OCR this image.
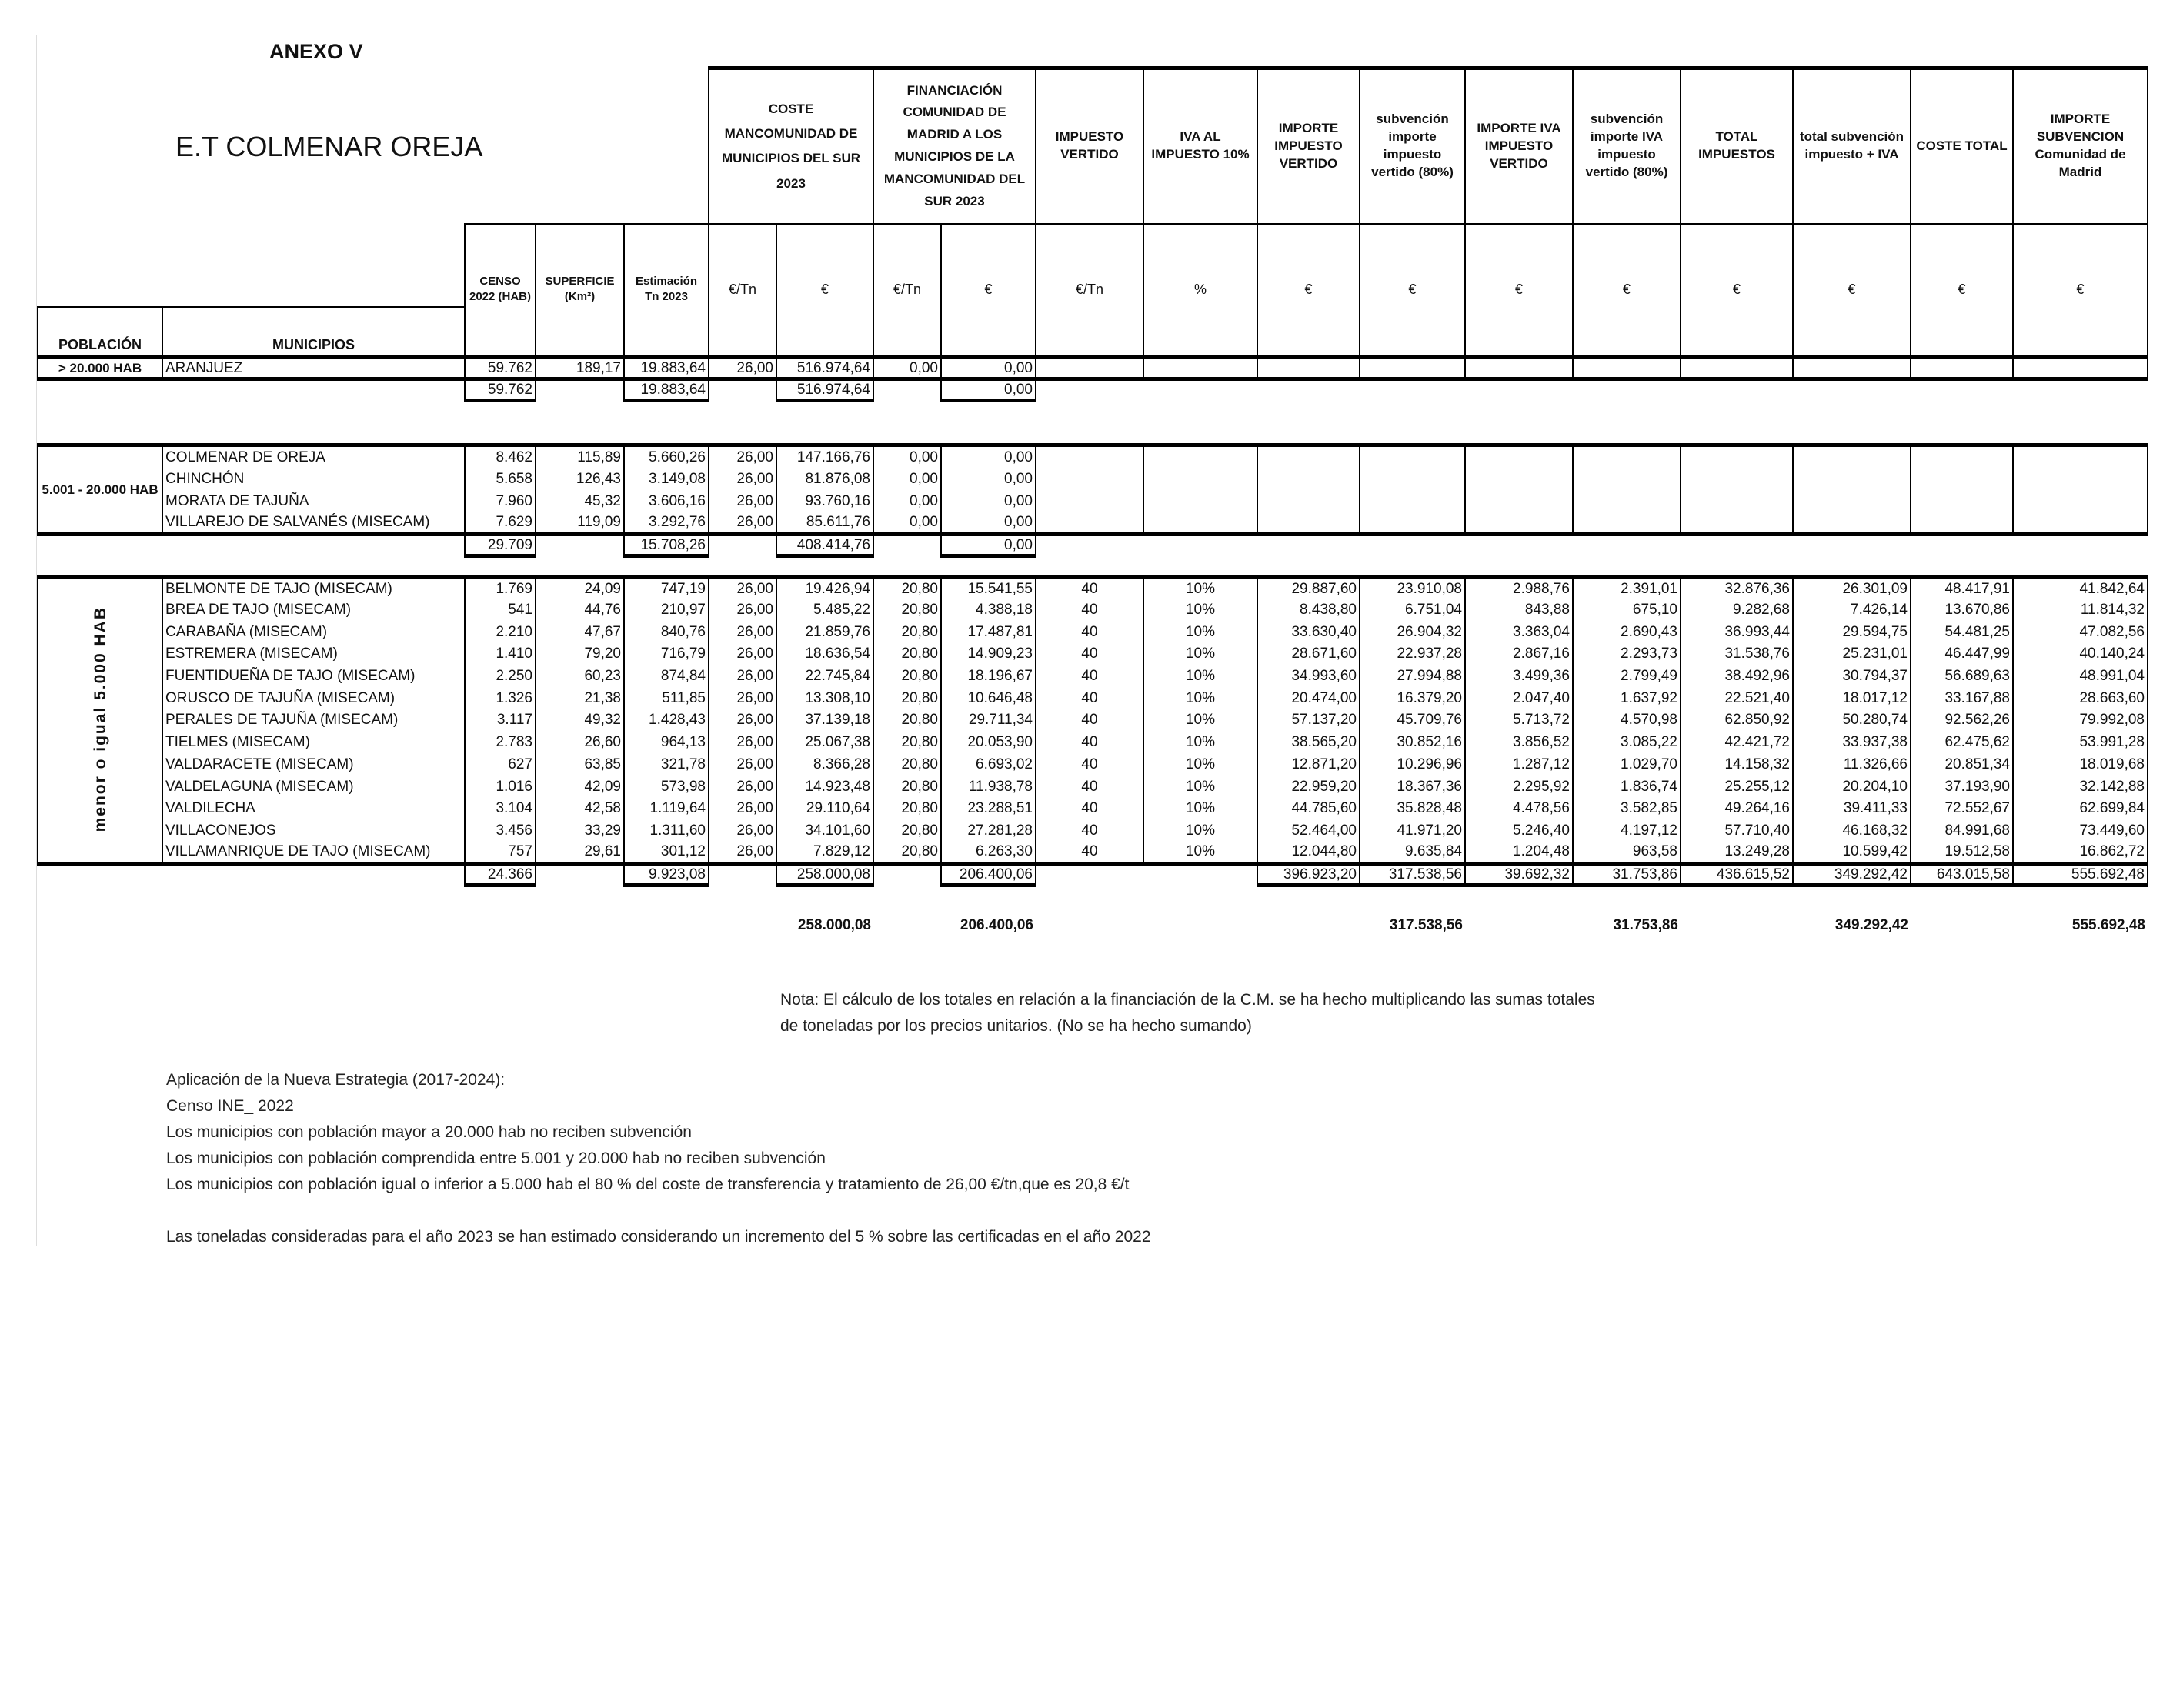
					COSTE MANCOMUNIDAD DE MUNICIPIOS DEL SUR 2023		FINANCIACIÓN COMUNIDAD DE MADRID A LOS MUNICIPIOS DE LA MANCOMUNIDAD DEL SUR 2023		IMPUESTO VERTIDO	IVA AL IMPUESTO 10%	IMPORTE IMPUESTO VERTIDO	subvención importe impuesto vertido (80%)	IMPORTE IVA IMPUESTO VERTIDO	subvención importe IVA impuesto vertido (80%)	TOTAL IMPUESTOS	total subvención impuesto + IVA	COSTE TOTAL	IMPORTE SUBVENCION Comunidad de Madrid
		CENSO 2022 (HAB)	SUPERFICIE (Km²)	Estimación Tn 2023	€/Tn	€	€/Tn	€	€/Tn	%	€	€	€	€	€	€	€	€
POBLACIÓN	MUNICIPIOS																	
> 20.000 HAB	ARANJUEZ	59.762	189,17	19.883,64	26,00	516.974,64	0,00	0,00										
		59.762		19.883,64		516.974,64		0,00										

5.001 - 20.000 HAB	COLMENAR DE OREJA	8.462	115,89	5.660,26	26,00	147.166,76	0,00	0,00										
	CHINCHÓN	5.658	126,43	3.149,08	26,00	81.876,08	0,00	0,00										
	MORATA DE TAJUÑA	7.960	45,32	3.606,16	26,00	93.760,16	0,00	0,00										
	VILLAREJO DE SALVANÉS (MISECAM)	7.629	119,09	3.292,76	26,00	85.611,76	0,00	0,00										
		29.709		15.708,26		408.414,76		0,00										

menor o igual 5.000 HAB	BELMONTE DE TAJO (MISECAM)	1.769	24,09	747,19	26,00	19.426,94	20,80	15.541,55	40	10%	29.887,60	23.910,08	2.988,76	2.391,01	32.876,36	26.301,09	48.417,91	41.842,64
	BREA DE TAJO (MISECAM)	541	44,76	210,97	26,00	5.485,22	20,80	4.388,18	40	10%	8.438,80	6.751,04	843,88	675,10	9.282,68	7.426,14	13.670,86	11.814,32
	CARABAÑA (MISECAM)	2.210	47,67	840,76	26,00	21.859,76	20,80	17.487,81	40	10%	33.630,40	26.904,32	3.363,04	2.690,43	36.993,44	29.594,75	54.481,25	47.082,56
	ESTREMERA (MISECAM)	1.410	79,20	716,79	26,00	18.636,54	20,80	14.909,23	40	10%	28.671,60	22.937,28	2.867,16	2.293,73	31.538,76	25.231,01	46.447,99	40.140,24
	FUENTIDUEÑA DE TAJO (MISECAM)	2.250	60,23	874,84	26,00	22.745,84	20,80	18.196,67	40	10%	34.993,60	27.994,88	3.499,36	2.799,49	38.492,96	30.794,37	56.689,63	48.991,04
	ORUSCO DE TAJUÑA (MISECAM)	1.326	21,38	511,85	26,00	13.308,10	20,80	10.646,48	40	10%	20.474,00	16.379,20	2.047,40	1.637,92	22.521,40	18.017,12	33.167,88	28.663,60
	PERALES DE TAJUÑA (MISECAM)	3.117	49,32	1.428,43	26,00	37.139,18	20,80	29.711,34	40	10%	57.137,20	45.709,76	5.713,72	4.570,98	62.850,92	50.280,74	92.562,26	79.992,08
	TIELMES (MISECAM)	2.783	26,60	964,13	26,00	25.067,38	20,80	20.053,90	40	10%	38.565,20	30.852,16	3.856,52	3.085,22	42.421,72	33.937,38	62.475,62	53.991,28
	VALDARACETE (MISECAM)	627	63,85	321,78	26,00	8.366,28	20,80	6.693,02	40	10%	12.871,20	10.296,96	1.287,12	1.029,70	14.158,32	11.326,66	20.851,34	18.019,68
	VALDELAGUNA (MISECAM)	1.016	42,09	573,98	26,00	14.923,48	20,80	11.938,78	40	10%	22.959,20	18.367,36	2.295,92	1.836,74	25.255,12	20.204,10	37.193,90	32.142,88
	VALDILECHA	3.104	42,58	1.119,64	26,00	29.110,64	20,80	23.288,51	40	10%	44.785,60	35.828,48	4.478,56	3.582,85	49.264,16	39.411,33	72.552,67	62.699,84
	VILLACONEJOS	3.456	33,29	1.311,60	26,00	34.101,60	20,80	27.281,28	40	10%	52.464,00	41.971,20	5.246,40	4.197,12	57.710,40	46.168,32	84.991,68	73.449,60
	VILLAMANRIQUE DE TAJO (MISECAM)	757	29,61	301,12	26,00	7.829,12	20,80	6.263,30	40	10%	12.044,80	9.635,84	1.204,48	963,58	13.249,28	10.599,42	19.512,58	16.862,72
		24.366		9.923,08		258.000,08		206.400,06			396.923,20	317.538,56	39.692,32	31.753,86	436.615,52	349.292,42	643.015,58	555.692,48

						258.000,08		206.400,06				317.538,56		31.753,86		349.292,42		555.692,48
ANEXO V
E.T COLMENAR OREJA
Nota: El cálculo de los totales en relación a la financiación de la C.M. se ha hecho multiplicando las sumas totales
de toneladas por los precios unitarios. (No se ha hecho sumando)
Aplicación de la Nueva Estrategia (2017-2024):
Censo INE_ 2022
Los municipios con población mayor a 20.000 hab no reciben subvención
Los municipios con población comprendida entre 5.001 y 20.000 hab no reciben subvención
Los municipios con población igual o inferior a 5.000 hab el 80 % del coste de transferencia y tratamiento de 26,00 €/tn,que es 20,8 €/t
Las toneladas consideradas para el año 2023 se han estimado considerando un incremento del 5 % sobre las certificadas en el año 2022
